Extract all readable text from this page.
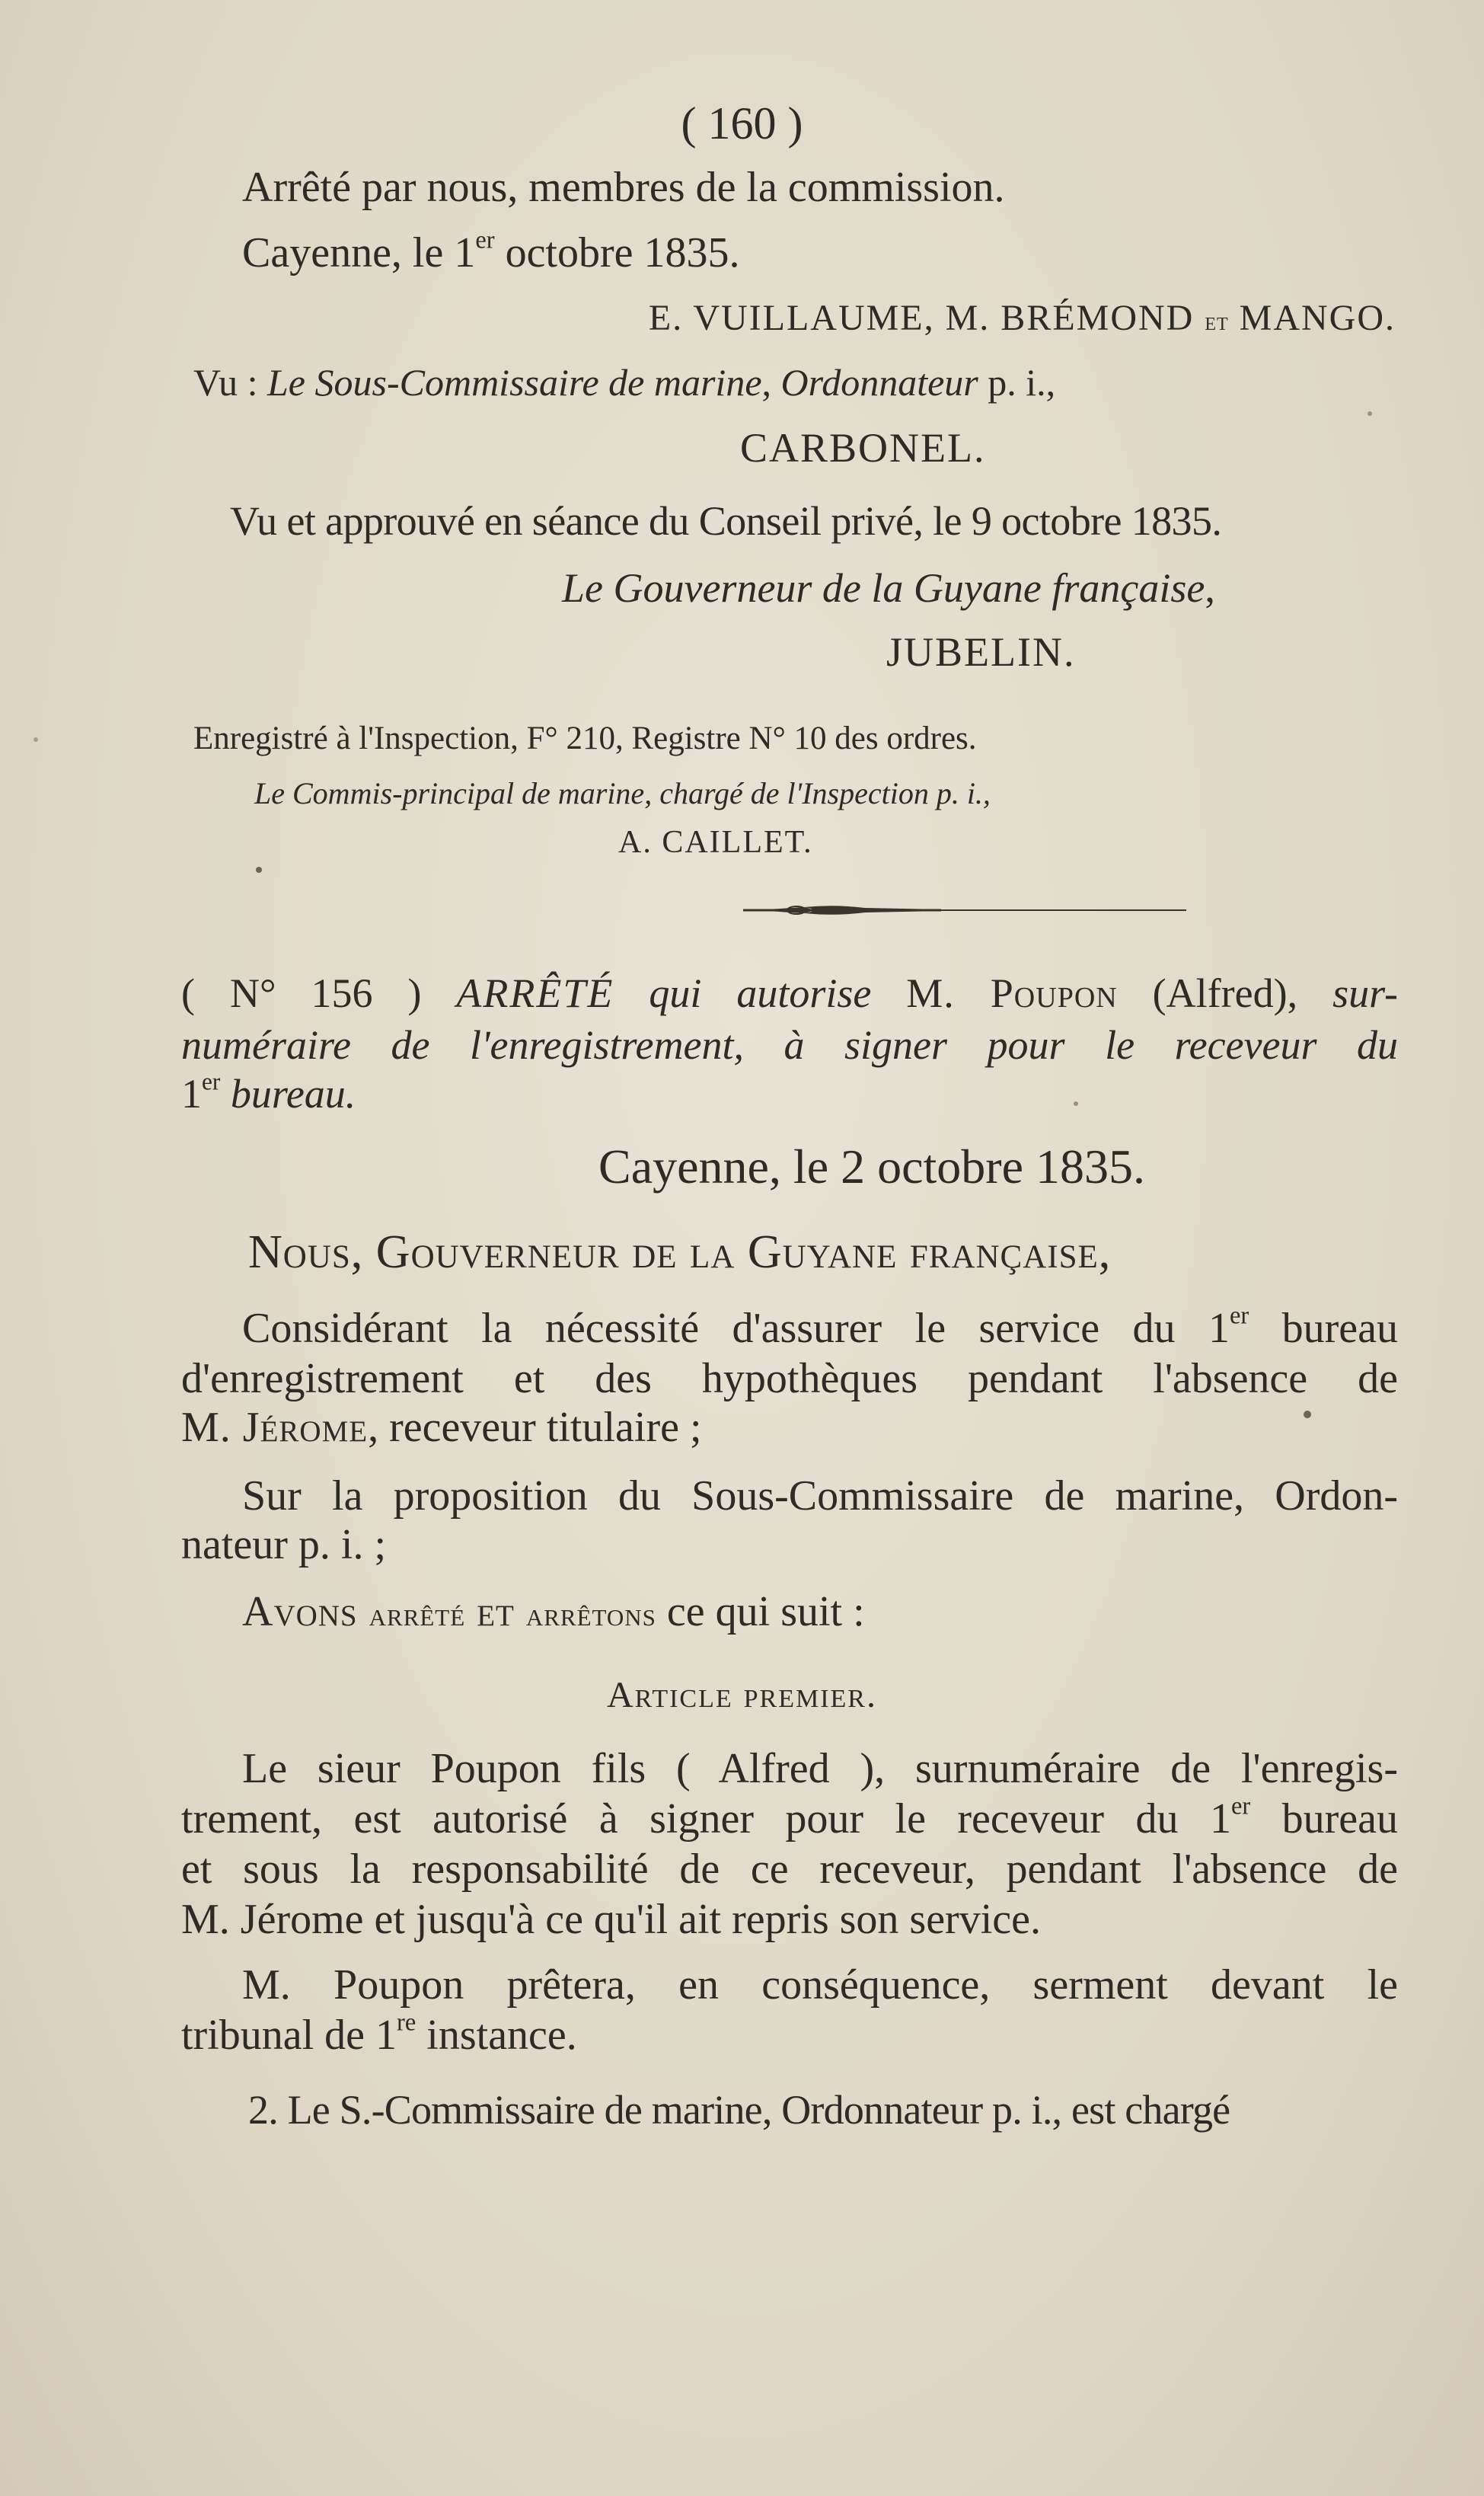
( 160 )
Arrêté par nous, membres de la commission.
Cayenne, le 1er octobre 1835.
E. VUILLAUME, M. BRÉMOND et MANGO.
Vu : Le Sous-Commissaire de marine, Ordonnateur p. i.,
CARBONEL.
Vu et approuvé en séance du Conseil privé, le 9 octobre 1835.
Le Gouverneur de la Guyane française,
JUBELIN.
Enregistré à l'Inspection, F° 210, Registre N° 10 des ordres.
Le Commis-principal de marine, chargé de l'Inspection p. i.,
A. CAILLET.
( N° 156 ) ARRÊTÉ qui autorise M. Poupon (Alfred), sur-
numéraire de l'enregistrement, à signer pour le receveur du
1er bureau.
Cayenne, le 2 octobre 1835.
Nous, Gouverneur de la Guyane française,
Considérant la nécessité d'assurer le service du 1er bureau
d'enregistrement et des hypothèques pendant l'absence de
M. Jérome, receveur titulaire ;
Sur la proposition du Sous-Commissaire de marine, Ordon-
nateur p. i. ;
Avons arrêté et arrêtons ce qui suit :
Article premier.
Le sieur Poupon fils ( Alfred ), surnuméraire de l'enregis-
trement, est autorisé à signer pour le receveur du 1er bureau
et sous la responsabilité de ce receveur, pendant l'absence de
M. Jérome et jusqu'à ce qu'il ait repris son service.
M. Poupon prêtera, en conséquence, serment devant le
tribunal de 1re instance.
2. Le S.-Commissaire de marine, Ordonnateur p. i., est chargé
